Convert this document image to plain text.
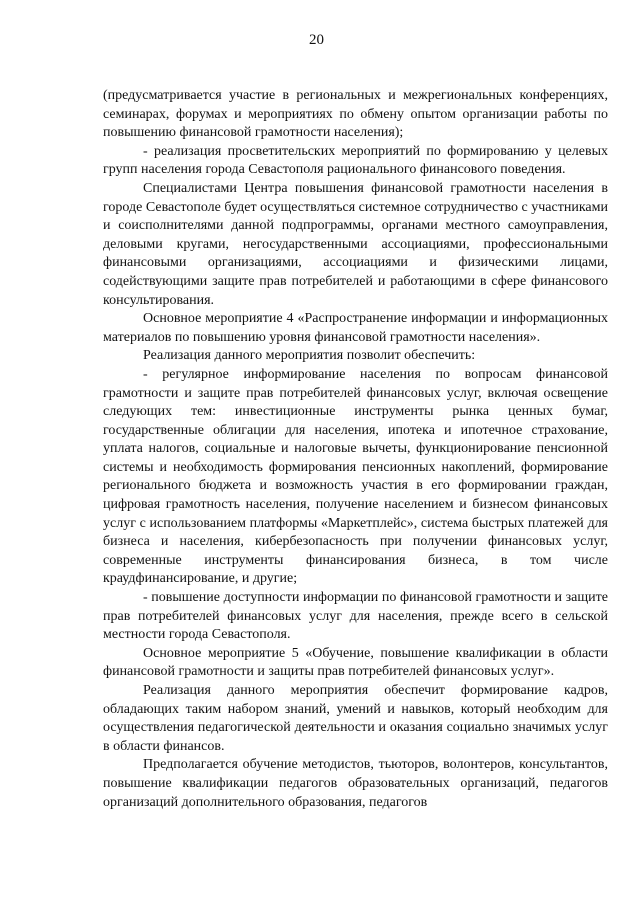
20

(предусматривается участие в региональных и межрегиональных конференциях, семинарах, форумах и мероприятиях по обмену опытом организации работы по повышению финансовой грамотности населения);

- реализация просветительских мероприятий по формированию у целевых групп населения города Севастополя рационального финансового поведения.

Специалистами Центра повышения финансовой грамотности населения в городе Севастополе будет осуществляться системное сотрудничество с участниками и соисполнителями данной подпрограммы, органами местного самоуправления, деловыми кругами, негосударственными ассоциациями, профессиональными финансовыми организациями, ассоциациями и физическими лицами, содействующими защите прав потребителей и работающими в сфере финансового консультирования.

Основное мероприятие 4 «Распространение информации и информационных материалов по повышению уровня финансовой грамотности населения».

Реализация данного мероприятия позволит обеспечить:

- регулярное информирование населения по вопросам финансовой грамотности и защите прав потребителей финансовых услуг, включая освещение следующих тем: инвестиционные инструменты рынка ценных бумаг, государственные облигации для населения, ипотека и ипотечное страхование, уплата налогов, социальные и налоговые вычеты, функционирование пенсионной системы и необходимость формирования пенсионных накоплений, формирование регионального бюджета и возможность участия в его формировании граждан, цифровая грамотность населения, получение населением и бизнесом финансовых услуг с использованием платформы «Маркетплейс», система быстрых платежей для бизнеса и населения, кибербезопасность при получении финансовых услуг, современные инструменты финансирования бизнеса, в том числе краудфинансирование, и другие;

- повышение доступности информации по финансовой грамотности и защите прав потребителей финансовых услуг для населения, прежде всего в сельской местности города Севастополя.

Основное мероприятие 5 «Обучение, повышение квалификации в области финансовой грамотности и защиты прав потребителей финансовых услуг».

Реализация данного мероприятия обеспечит формирование кадров, обладающих таким набором знаний, умений и навыков, который необходим для осуществления педагогической деятельности и оказания социально значимых услуг в области финансов.

Предполагается обучение методистов, тьюторов, волонтеров, консультантов, повышение квалификации педагогов образовательных организаций, педагогов организаций дополнительного образования, педагогов
